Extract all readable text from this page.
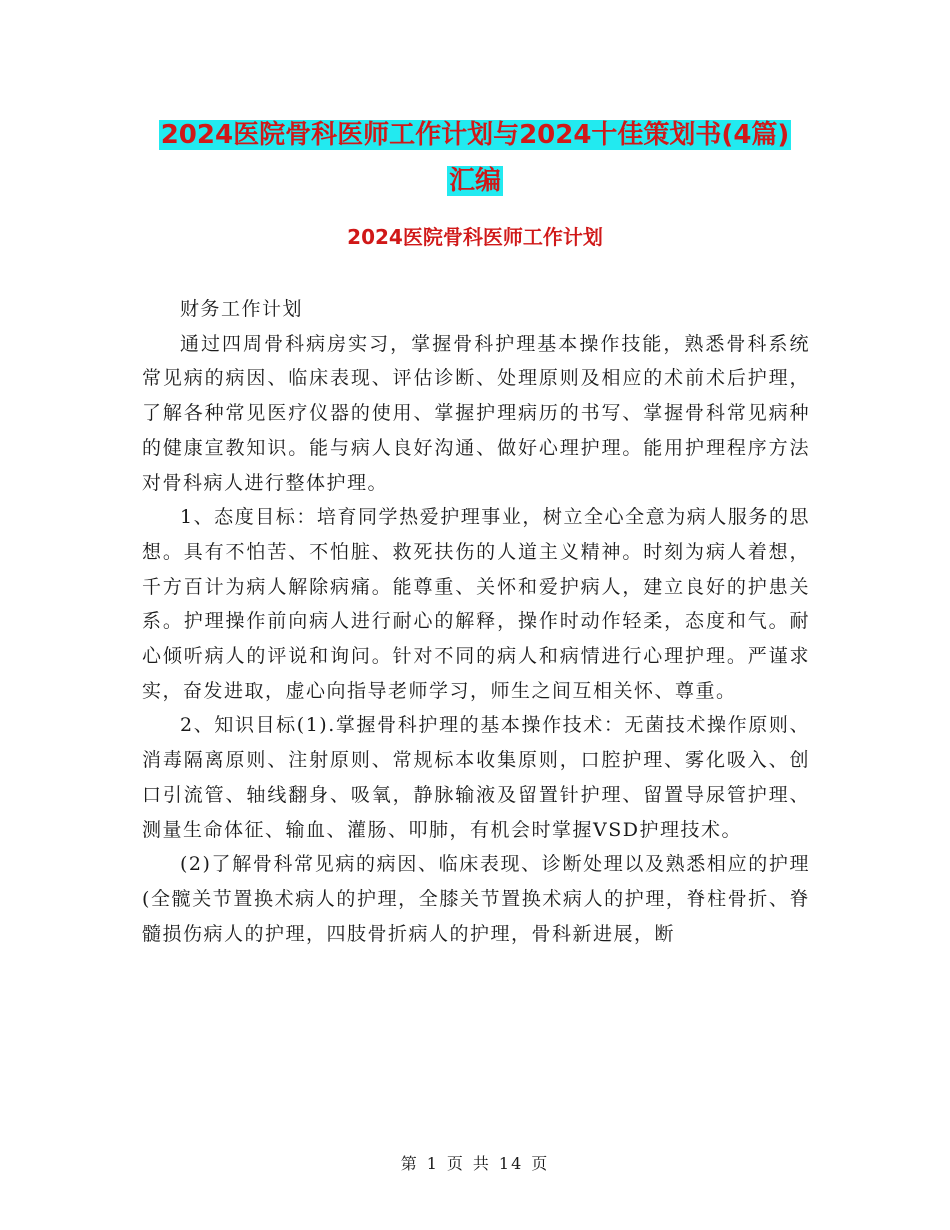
2024医院骨科医师工作计划与2024十佳策划书(4篇)
汇编
2024医院骨科医师工作计划

财务工作计划

通过四周骨科病房实习，掌握骨科护理基本操作技能，熟悉骨科系统常见病的病因、临床表现、评估诊断、处理原则及相应的术前术后护理，了解各种常见医疗仪器的使用、掌握护理病历的书写、掌握骨科常见病种的健康宣教知识。能与病人良好沟通、做好心理护理。能用护理程序方法对骨科病人进行整体护理。

1、态度目标：培育同学热爱护理事业，树立全心全意为病人服务的思想。具有不怕苦、不怕脏、救死扶伤的人道主义精神。时刻为病人着想，千方百计为病人解除病痛。能尊重、关怀和爱护病人，建立良好的护患关系。护理操作前向病人进行耐心的解释，操作时动作轻柔，态度和气。耐心倾听病人的评说和询问。针对不同的病人和病情进行心理护理。严谨求实，奋发进取，虚心向指导老师学习，师生之间互相关怀、尊重。

2、知识目标(1).掌握骨科护理的基本操作技术：无菌技术操作原则、消毒隔离原则、注射原则、常规标本收集原则，口腔护理、雾化吸入、创口引流管、轴线翻身、吸氧，静脉输液及留置针护理、留置导尿管护理、测量生命体征、输血、灌肠、叩肺，有机会时掌握VSD护理技术。

(2)了解骨科常见病的病因、临床表现、诊断处理以及熟悉相应的护理(全髋关节置换术病人的护理，全膝关节置换术病人的护理，脊柱骨折、脊髓损伤病人的护理，四肢骨折病人的护理，骨科新进展，断

第 1 页 共 14 页
